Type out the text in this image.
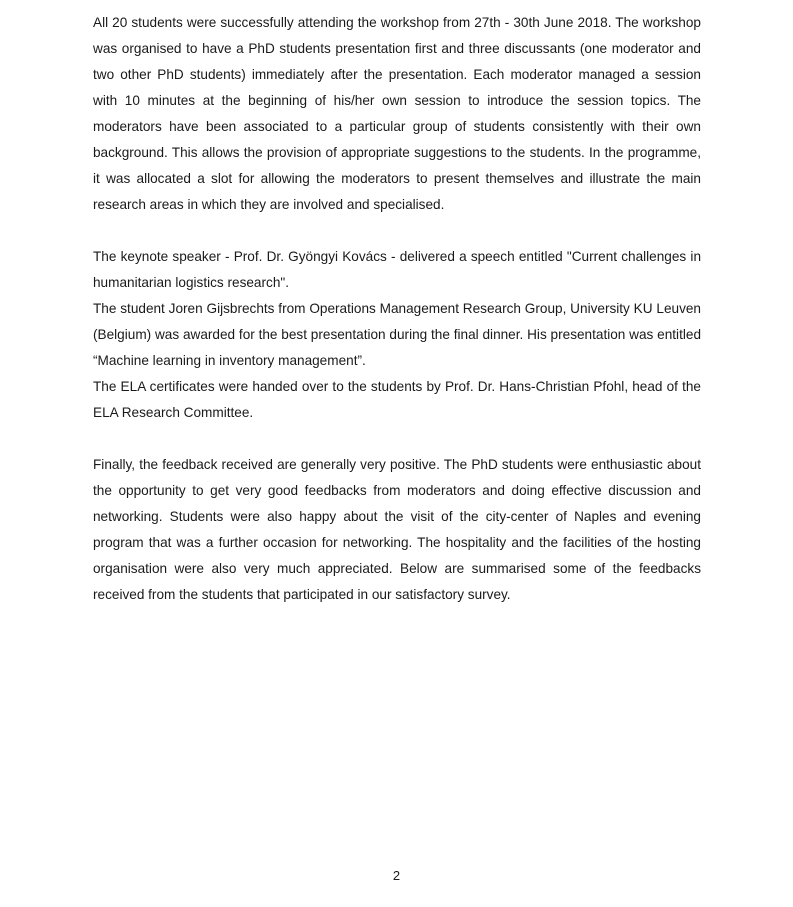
All 20 students were successfully attending the workshop from 27th - 30th June 2018. The workshop was organised to have a PhD students presentation first and three discussants (one moderator and two other PhD students) immediately after the presentation. Each moderator managed a session with 10 minutes at the beginning of his/her own session to introduce the session topics. The moderators have been associated to a particular group of students consistently with their own background. This allows the provision of appropriate suggestions to the students. In the programme, it was allocated a slot for allowing the moderators to present themselves and illustrate the main research areas in which they are involved and specialised.

The keynote speaker - Prof. Dr. Gyöngyi Kovács - delivered a speech entitled "Current challenges in humanitarian logistics research".

The student Joren Gijsbrechts from Operations Management Research Group, University KU Leuven (Belgium) was awarded for the best presentation during the final dinner. His presentation was entitled “Machine learning in inventory management”.

The ELA certificates were handed over to the students by Prof. Dr. Hans-Christian Pfohl, head of the ELA Research Committee.

Finally, the feedback received are generally very positive. The PhD students were enthusiastic about the opportunity to get very good feedbacks from moderators and doing effective discussion and networking. Students were also happy about the visit of the city-center of Naples and evening program that was a further occasion for networking. The hospitality and the facilities of the hosting organisation were also very much appreciated. Below are summarised some of the feedbacks received from the students that participated in our satisfactory survey.

2
